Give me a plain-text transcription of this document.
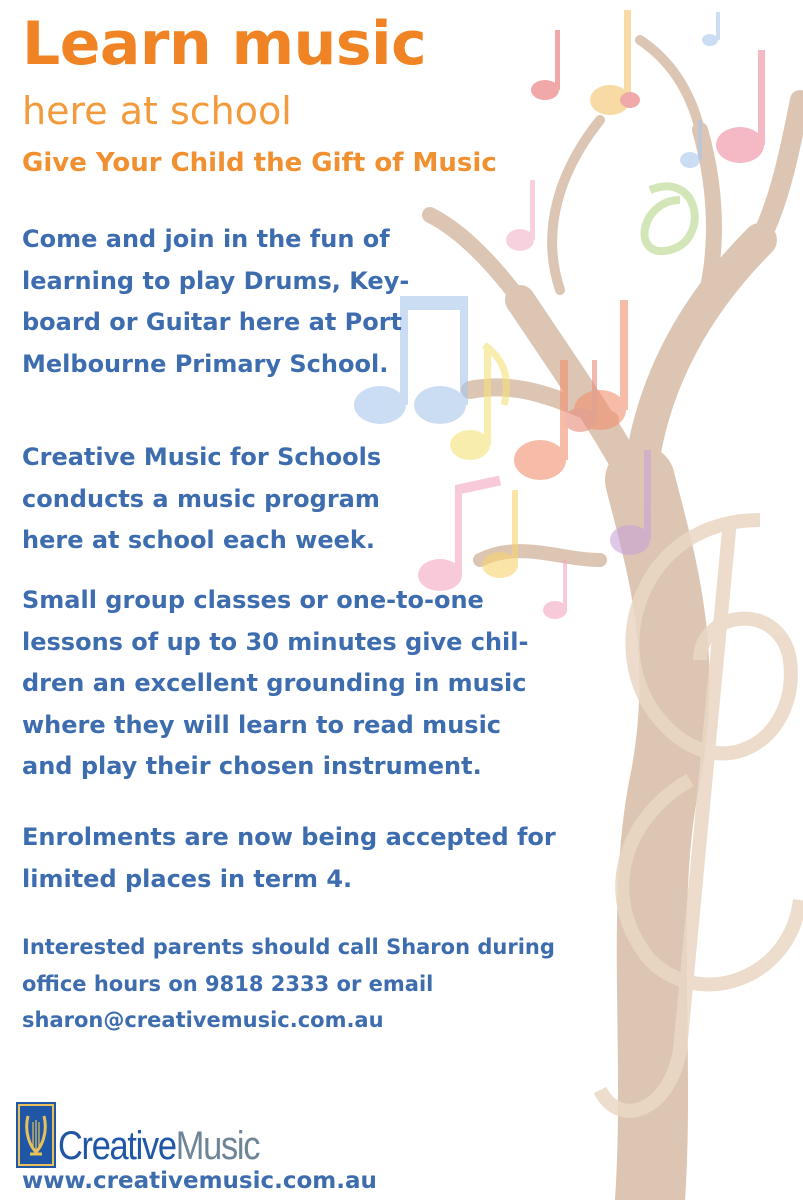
Learn music
here at school
Give Your Child the Gift of Music
Come and join in the fun of
learning to play Drums, Key-
board or Guitar here at Port
Melbourne Primary School.
Creative Music for Schools
conducts a music program
here at school each week.
Small group classes or one-to-one
lessons of up to 30 minutes give chil-
dren an excellent grounding in music
where they will learn to read music
and play their chosen instrument.
Enrolments are now being accepted for
limited places in term 4.
Interested parents should call Sharon during
office hours on 9818 2333 or email
sharon@creativemusic.com.au
CreativeMusic
www.creativemusic.com.au
